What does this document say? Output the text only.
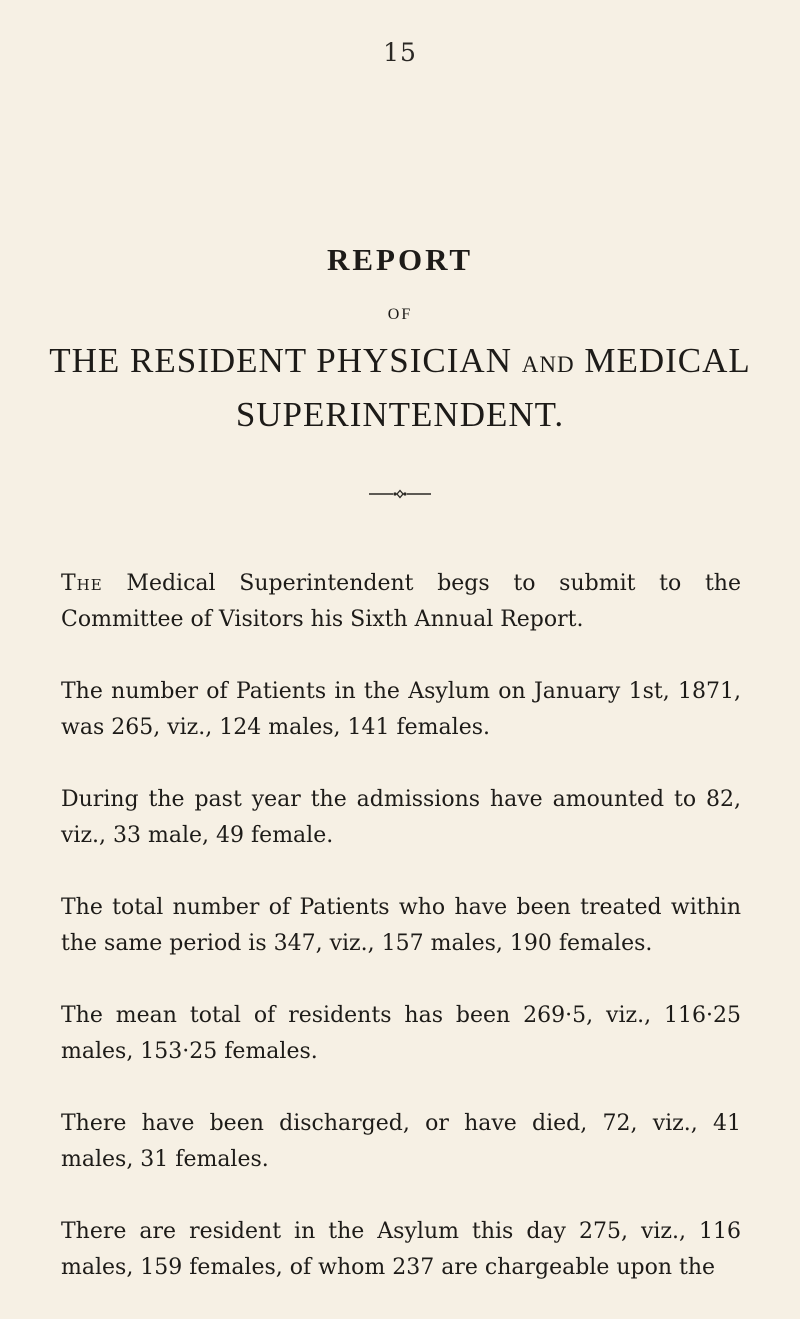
15
REPORT
OF
THE RESIDENT PHYSICIAN AND MEDICAL
SUPERINTENDENT.

The Medical Superintendent begs to submit to the Committee of Visitors his Sixth Annual Report.

The number of Patients in the Asylum on January 1st, 1871, was 265, viz., 124 males, 141 females.

During the past year the admissions have amounted to 82, viz., 33 male, 49 female.

The total number of Patients who have been treated within the same period is 347, viz., 157 males, 190 females.

The mean total of residents has been 269·5, viz., 116·25 males, 153·25 females.

There have been discharged, or have died, 72, viz., 41 males, 31 females.

There are resident in the Asylum this day 275, viz., 116 males, 159 females, of whom 237 are chargeable upon the
